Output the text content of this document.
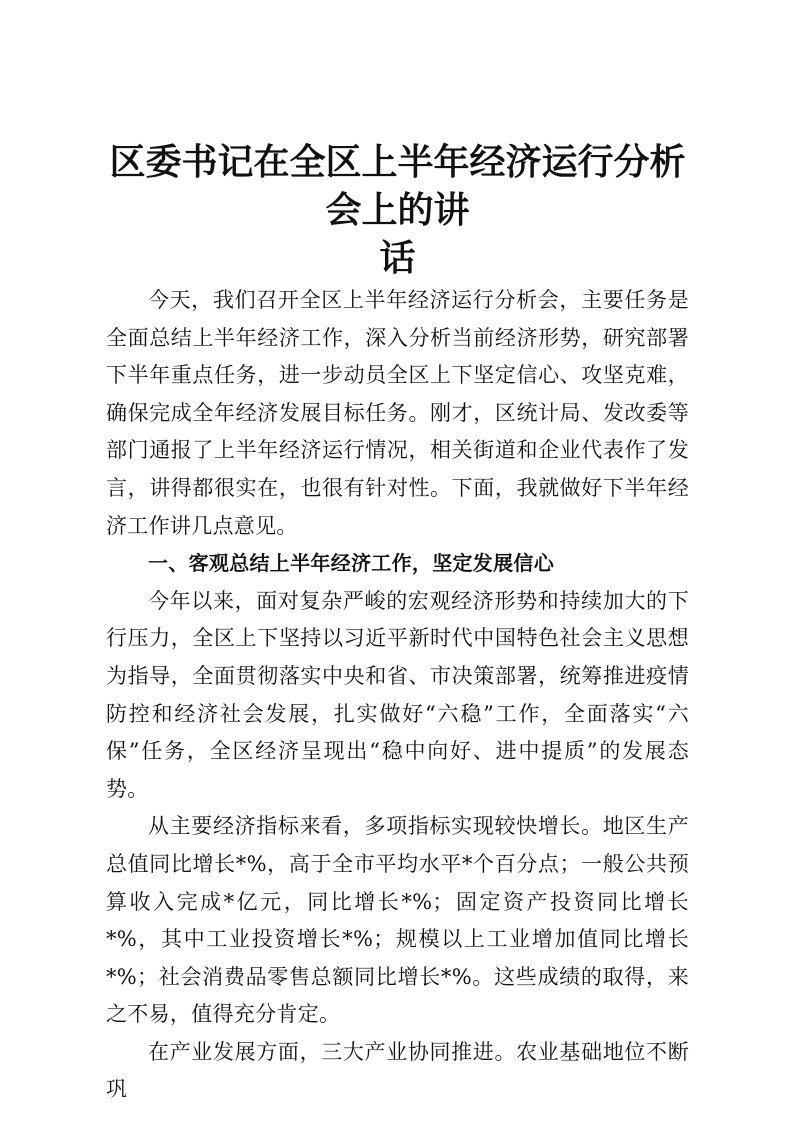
区委书记在全区上半年经济运行分析会上的讲
话

今天，我们召开全区上半年经济运行分析会，主要任务是全面总结上半年经济工作，深入分析当前经济形势，研究部署下半年重点任务，进一步动员全区上下坚定信心、攻坚克难，确保完成全年经济发展目标任务。刚才，区统计局、发改委等部门通报了上半年经济运行情况，相关街道和企业代表作了发言，讲得都很实在，也很有针对性。下面，我就做好下半年经济工作讲几点意见。

一、客观总结上半年经济工作，坚定发展信心

今年以来，面对复杂严峻的宏观经济形势和持续加大的下行压力，全区上下坚持以习近平新时代中国特色社会主义思想为指导，全面贯彻落实中央和省、市决策部署，统筹推进疫情防控和经济社会发展，扎实做好“六稳”工作，全面落实“六保”任务，全区经济呈现出“稳中向好、进中提质”的发展态势。

从主要经济指标来看，多项指标实现较快增长。地区生产总值同比增长*%，高于全市平均水平*个百分点；一般公共预算收入完成*亿元，同比增长*%；固定资产投资同比增长*%，其中工业投资增长*%；规模以上工业增加值同比增长*%；社会消费品零售总额同比增长*%。这些成绩的取得，来之不易，值得充分肯定。

在产业发展方面，三大产业协同推进。农业基础地位不断巩
